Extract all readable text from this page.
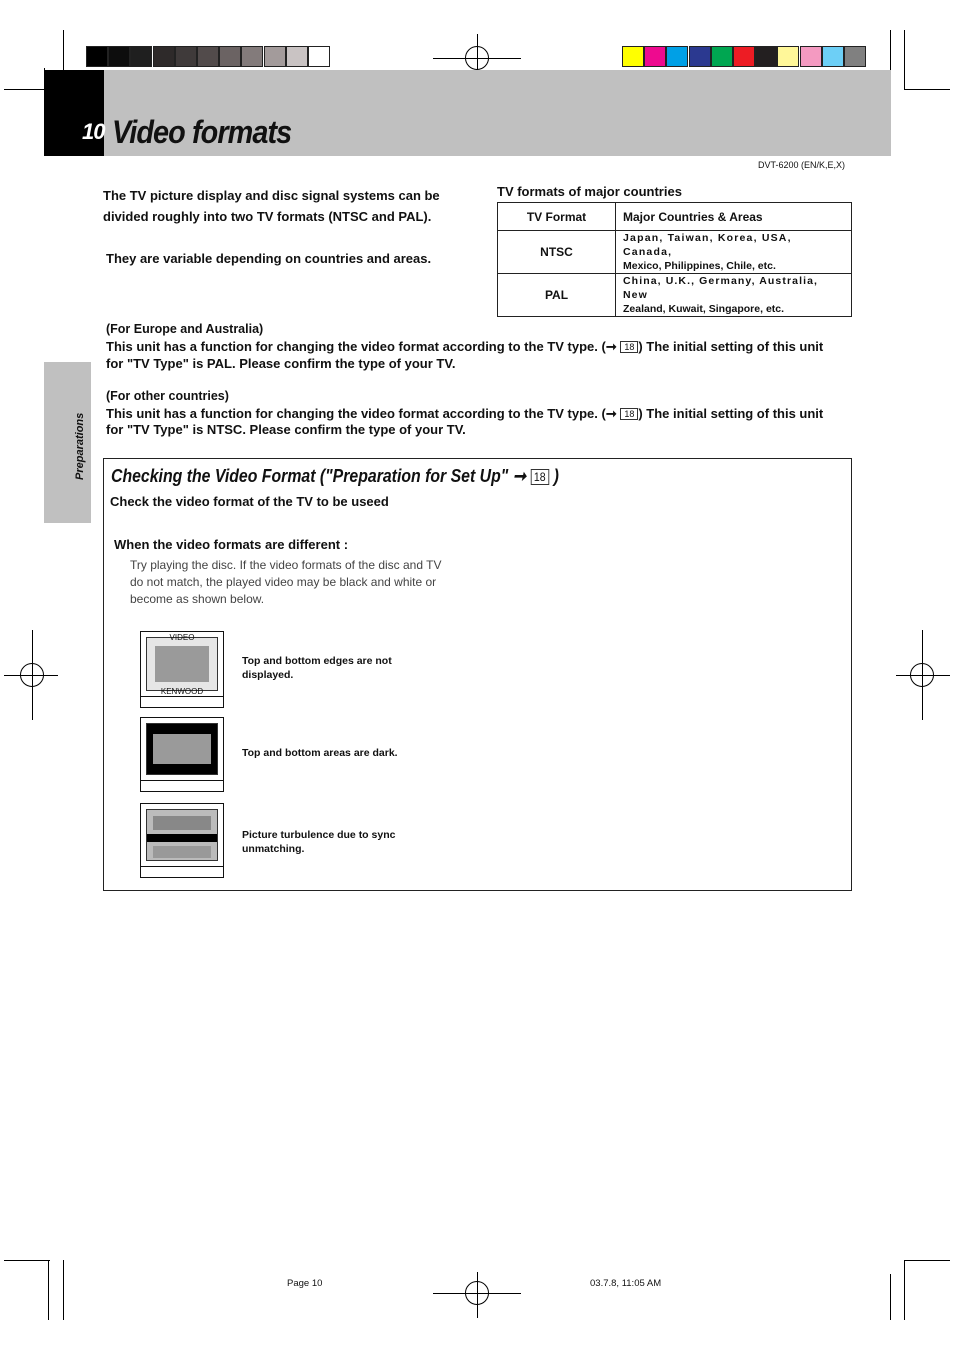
10 Video formats
DVT-6200 (EN/K,E,X)
Preparations
The TV picture display and disc signal systems can be
divided roughly into two TV formats (NTSC and PAL).
They are variable depending on countries and areas.
TV formats of major countries
TV Format	Major Countries & Areas
NTSC	Japan, Taiwan, Korea, USA, Canada,
Mexico, Philippines, Chile, etc.

PAL	China, U.K., Germany, Australia, New
Zealand, Kuwait, Singapore, etc.
(For Europe and Australia)
This unit has a function for changing the video format according to the TV type. (➞ 18 ) The initial setting of this unit
for "TV Type" is PAL. Please confirm the type of your TV.
(For other countries)
This unit has a function for changing the video format according to the TV type. (➞ 18 ) The initial setting of this unit
for "TV Type" is NTSC. Please confirm the type of your TV.
Checking the Video Format ("Preparation for Set Up" ➞ 18 )
Check the video format of the TV to be useed
When the video formats are different :
Try playing the disc. If the video formats of the disc and TV
do not match, the played video may be black and white or
become as shown below.
VIDEO
KENWOOD
Top and bottom edges are not
displayed.
Top and bottom areas are dark.
Picture turbulence due to sync
unmatching.
Page 10	03.7.8, 11:05 AM
